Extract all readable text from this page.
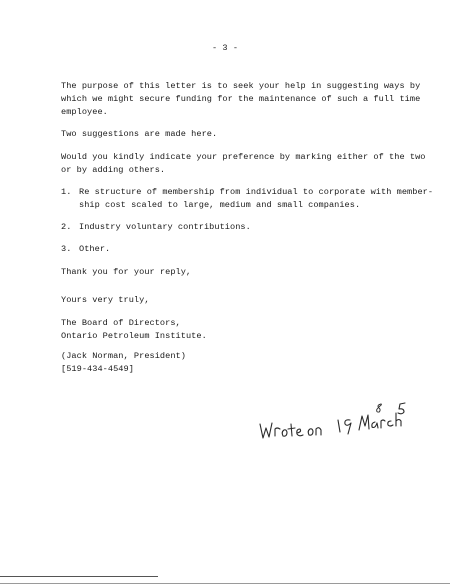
- 3 -

The purpose of this letter is to seek your help in suggesting ways by

which we might secure funding for the maintenance of such a full time

employee.

Two suggestions are made here.

Would you kindly indicate your preference by marking either of the two

or by adding others.

1. Re structure of membership from individual to corporate with member-

ship cost scaled to large, medium and small companies.

2. Industry voluntary contributions.

3. Other.

Thank you for your reply,

Yours very truly,

The Board of Directors,

Ontario Petroleum Institute.

(Jack Norman, President)

[519-434-4549]
